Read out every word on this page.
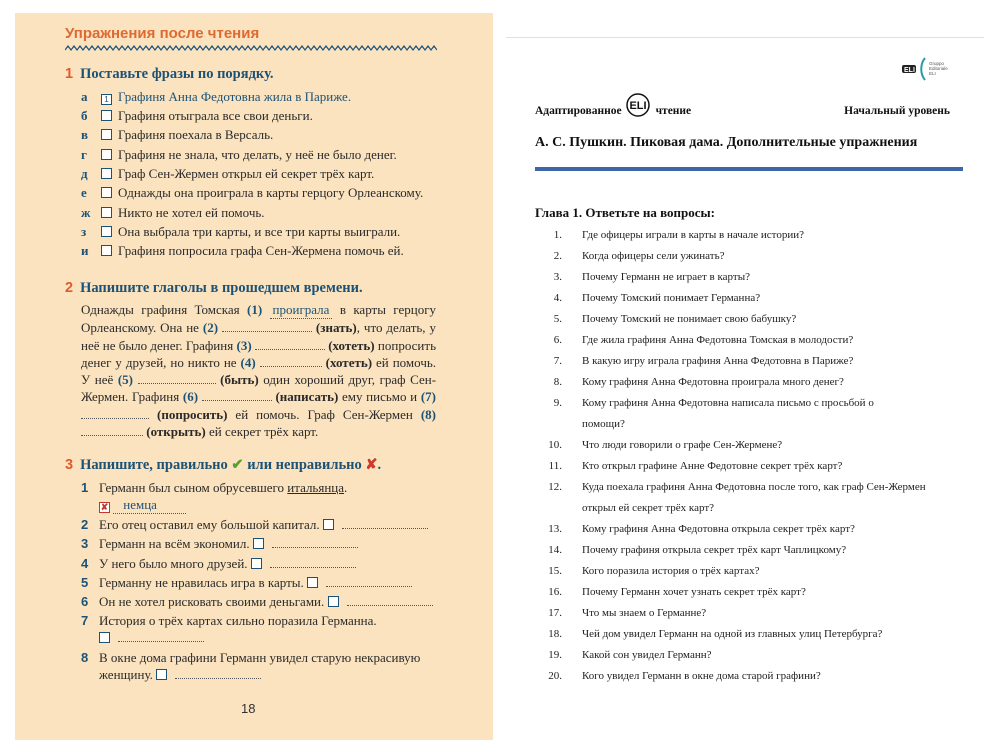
Упражнения после чтения
1 Поставьте фразы по порядку.
а 1 Графиня Анна Федотовна жила в Париже.
б Графиня отыграла все свои деньги.
в Графиня поехала в Версаль.
г Графиня не знала, что делать, у неё не было денег.
д Граф Сен-Жермен открыл ей секрет трёх карт.
е Однажды она проиграла в карты герцогу Орлеанскому.
ж Никто не хотел ей помочь.
з Она выбрала три карты, и все три карты выиграли.
и Графиня попросила графа Сен-Жермена помочь ей.
2 Напишите глаголы в прошедшем времени.
Однажды графиня Томская (1) проиграла в карты герцогу Орлеанскому. Она не (2)	(знать), что делать, у неё не было денег. Графиня (3)	(хотеть) попросить денег у друзей, но никто не (4)	(хотеть) ей помочь. У неё (5)	(быть) один хороший друг, граф Сен-Жермен. Графиня (6)	(написать) ему письмо и (7)  (попросить) ей помочь. Граф Сен-Жермен (8)  (открыть) ей секрет трёх карт.
3 Напишите, правильно ✔ или неправильно ✘.
1 Германн был сыном обрусевшего итальянца.
✘ немца
2 Его отец оставил ему большой капитал.
3 Германн на всём экономил.
4 У него было много друзей.
5 Германну не нравилась игра в карты.
6 Он не хотел рисковать своими деньгами.
7 История о трёх картах сильно поразила Германна.

8 В окне дома графини Германн увидел старую некрасивую женщину.
18
ELI
Gruppo
Editoriale
ELI
ELI
Адаптированное	чтение	Начальный уровень
А. С. Пушкин. Пиковая дама. Дополнительные упражнения
Глава 1. Ответьте на вопросы:
1. Где офицеры играли в карты в начале истории?
2. Когда офицеры сели ужинать?
3. Почему Германн не играет в карты?
4. Почему Томский понимает Германна?
5. Почему Томский не понимает свою бабушку?
6. Где жила графиня Анна Федотовна Томская в молодости?
7. В какую игру играла графиня Анна Федотовна в Париже?
8. Кому графиня Анна Федотовна проиграла много денег?
9. Кому графиня Анна Федотовна написала письмо с просьбой о помощи?
10. Что люди говорили о графе Сен-Жермене?
11. Кто открыл графине Анне Федотовне секрет трёх карт?
12. Куда поехала графиня Анна Федотовна после того, как граф Сен-Жермен открыл ей секрет трёх карт?
13. Кому графиня Анна Федотовна открыла секрет трёх карт?
14. Почему графиня открыла секрет трёх карт Чаплицкому?
15. Кого поразила история о трёх картах?
16. Почему Германн хочет узнать секрет трёх карт?
17. Что мы знаем о Германне?
18. Чей дом увидел Германн на одной из главных улиц Петербурга?
19. Какой сон увидел Германн?
20. Кого увидел Германн в окне дома старой графини?
